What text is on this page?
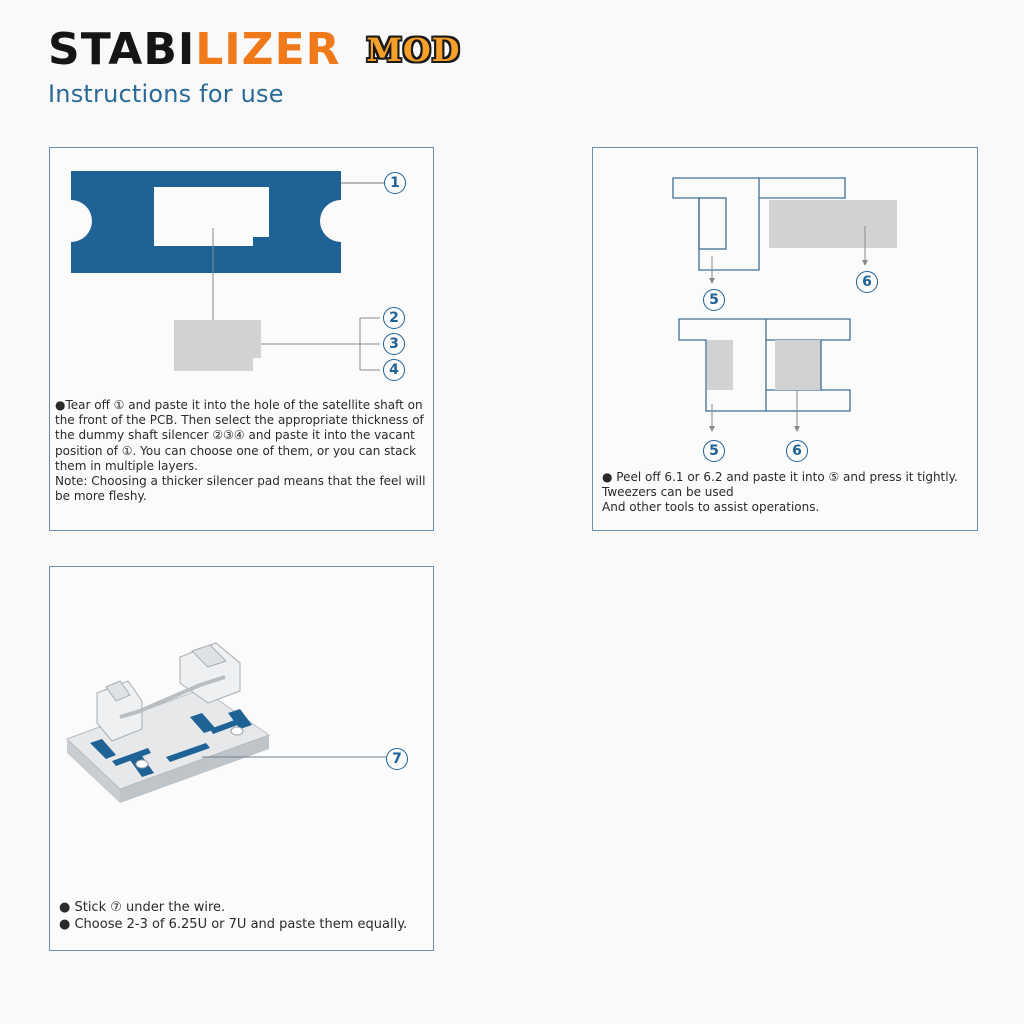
STABI LIZER MOD
Instructions for use
1
2
3
4

●Tear off ① and paste it into the hole of the satellite shaft on

the front of the PCB. Then select the appropriate thickness of

the dummy shaft silencer ②③④ and paste it into the vacant

position of ①. You can choose one of them, or you can stack

them in multiple layers.

Note: Choosing a thicker silencer pad means that the feel will

be more fleshy.

6
5
5	6

● Peel off 6.1 or 6.2 and paste it into ⑤ and press it tightly.

Tweezers can be used

And other tools to assist operations.

7

● Stick ⑦ under the wire.

● Choose 2-3 of 6.25U or 7U and paste them equally.
